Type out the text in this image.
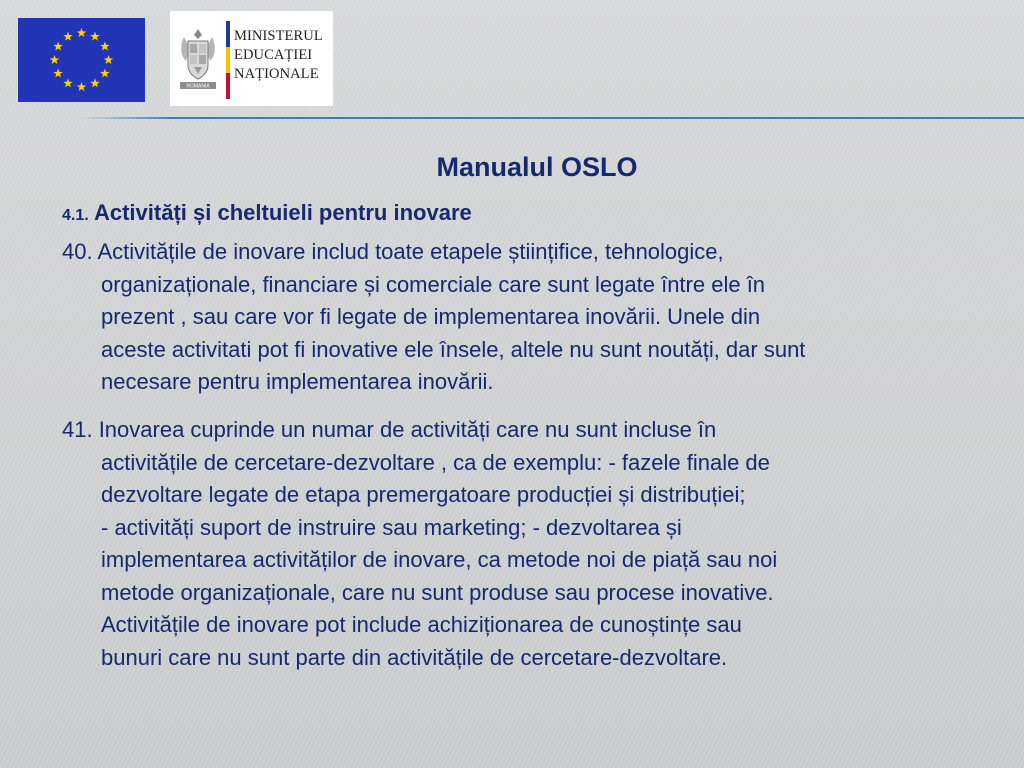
ROMANIA
MINISTERUL
EDUCAȚIEI
NAȚIONALE
Manualul OSLO
4.1. Activități și cheltuieli pentru inovare
40. Activitățile de inovare includ toate etapele științifice, tehnologice,
organizaționale, financiare și comerciale care sunt legate între ele în
prezent , sau care vor fi legate de implementarea inovării. Unele din
aceste activitati pot fi inovative ele însele, altele nu sunt noutăți, dar sunt
necesare pentru implementarea inovării.
41. Inovarea cuprinde un numar de activități care nu sunt incluse în
activitățile de cercetare-dezvoltare , ca de exemplu: - fazele finale de
dezvoltare legate de etapa premergatoare producției și distribuției;
- activități suport de instruire sau marketing; - dezvoltarea și
implementarea activităților de inovare, ca metode noi de piață sau noi
metode organizaționale, care nu sunt produse sau procese inovative.
Activitățile de inovare pot include achiziționarea de cunoștințe sau
bunuri care nu sunt parte din activitățile de cercetare-dezvoltare.
